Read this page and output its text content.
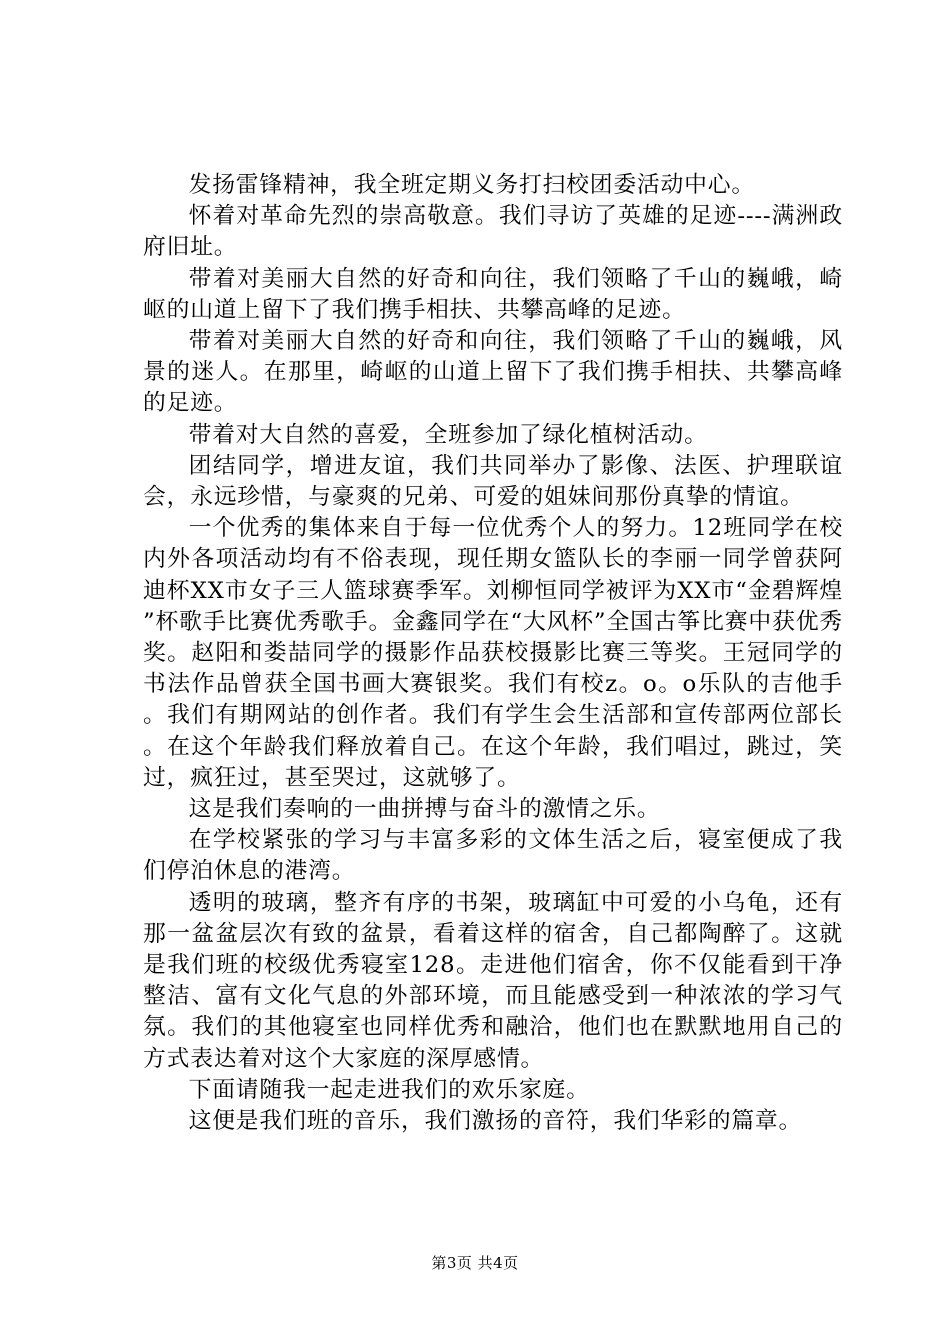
发扬雷锋精神，我全班定期义务打扫校团委活动中心。

怀着对革命先烈的崇高敬意。我们寻访了英雄的足迹----满洲政府旧址。

带着对美丽大自然的好奇和向往，我们领略了千山的巍峨，崎岖的山道上留下了我们携手相扶、共攀高峰的足迹。

带着对美丽大自然的好奇和向往，我们领略了千山的巍峨，风景的迷人。在那里，崎岖的山道上留下了我们携手相扶、共攀高峰的足迹。

带着对大自然的喜爱，全班参加了绿化植树活动。

团结同学，增进友谊，我们共同举办了影像、法医、护理联谊会，永远珍惜，与豪爽的兄弟、可爱的姐妹间那份真挚的情谊。

一个优秀的集体来自于每一位优秀个人的努力。12班同学在校内外各项活动均有不俗表现，现任期女篮队长的李丽一同学曾获阿迪杯XX市女子三人篮球赛季军。刘柳恒同学被评为XX市“金碧辉煌”杯歌手比赛优秀歌手。金鑫同学在“大风杯”全国古筝比赛中获优秀奖。赵阳和娄喆同学的摄影作品获校摄影比赛三等奖。王冠同学的书法作品曾获全国书画大赛银奖。我们有校z。o。o乐队的吉他手。我们有期网站的创作者。我们有学生会生活部和宣传部两位部长。在这个年龄我们释放着自己。在这个年龄，我们唱过，跳过，笑过，疯狂过，甚至哭过，这就够了。

这是我们奏响的一曲拼搏与奋斗的激情之乐。

在学校紧张的学习与丰富多彩的文体生活之后，寝室便成了我们停泊休息的港湾。

透明的玻璃，整齐有序的书架，玻璃缸中可爱的小乌龟，还有那一盆盆层次有致的盆景，看着这样的宿舍，自己都陶醉了。这就是我们班的校级优秀寝室128。走进他们宿舍，你不仅能看到干净整洁、富有文化气息的外部环境，而且能感受到一种浓浓的学习气氛。我们的其他寝室也同样优秀和融洽，他们也在默默地用自己的方式表达着对这个大家庭的深厚感情。

下面请随我一起走进我们的欢乐家庭。

这便是我们班的音乐，我们激扬的音符，我们华彩的篇章。

第3页 共4页
